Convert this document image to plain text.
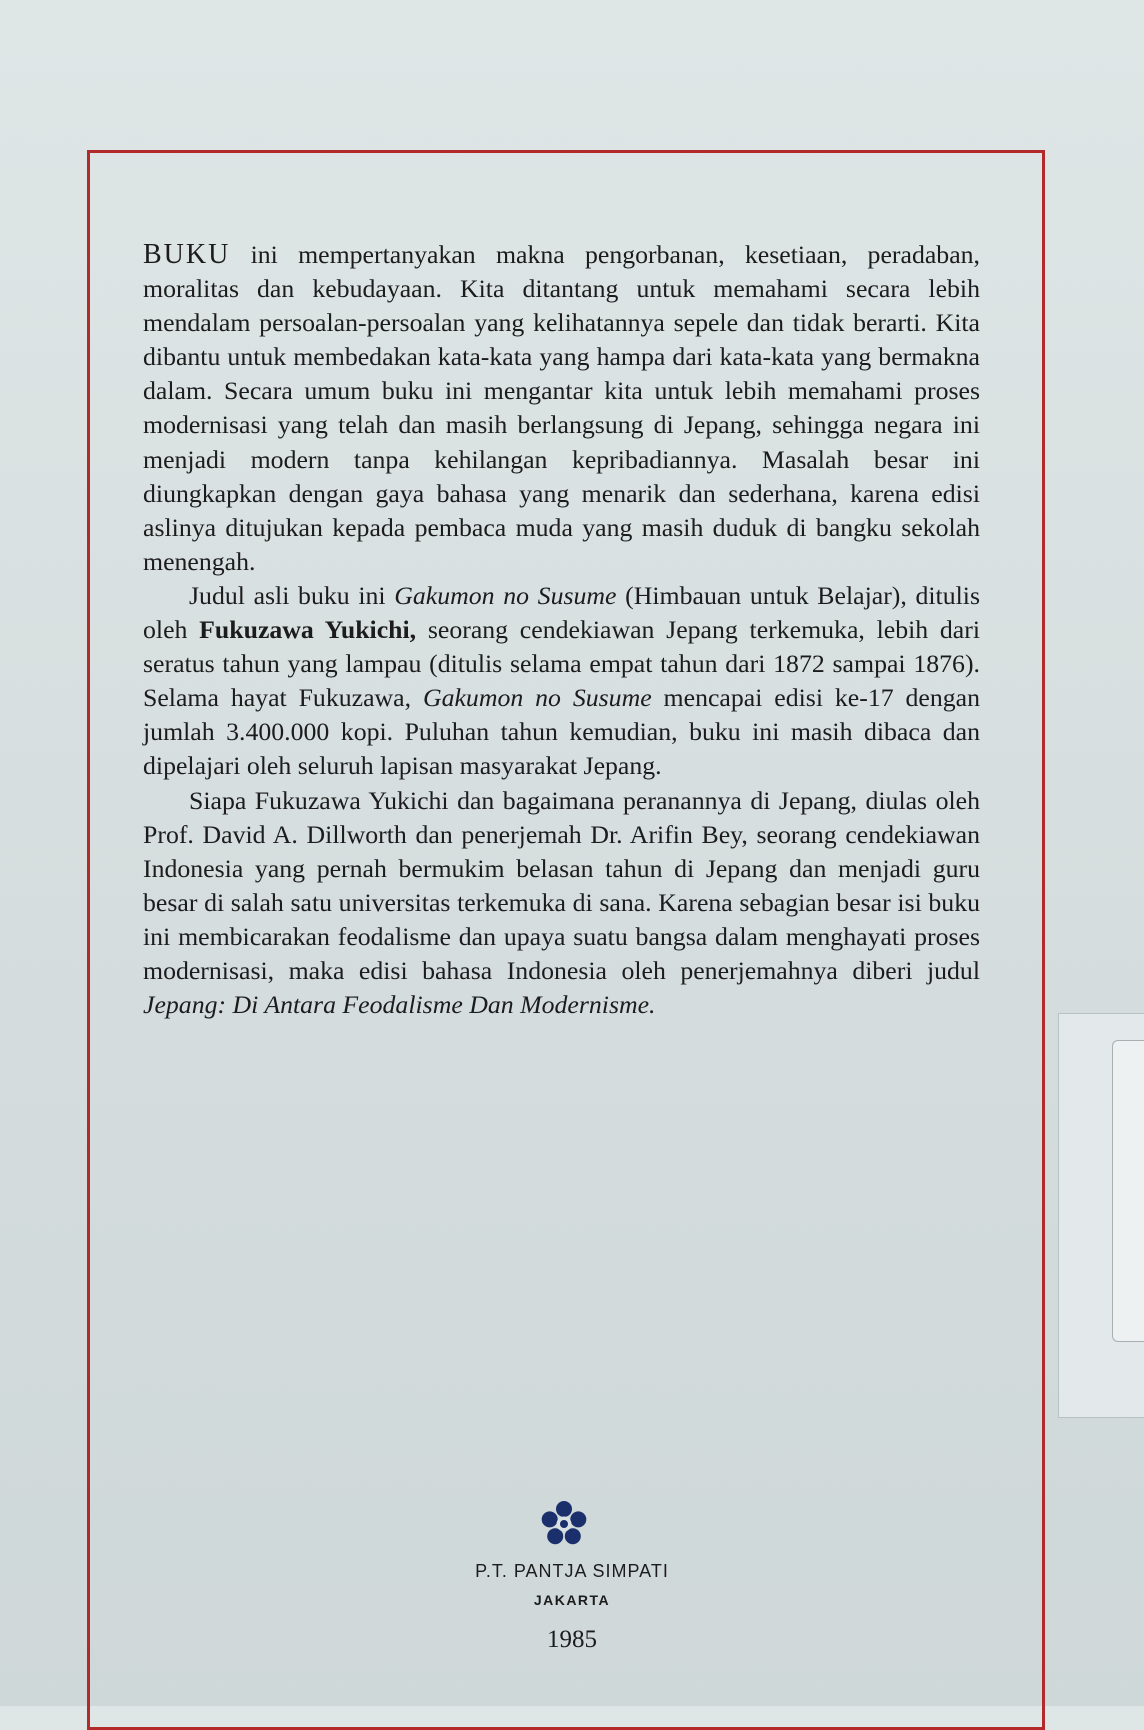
BUKU ini mempertanyakan makna pengorbanan, kesetiaan, peradaban, moralitas dan kebudayaan. Kita ditantang untuk memahami secara lebih mendalam persoalan-persoalan yang kelihatannya sepele dan tidak berarti. Kita dibantu untuk membedakan kata-kata yang hampa dari kata-kata yang bermakna dalam. Secara umum buku ini mengantar kita untuk lebih memahami proses modernisasi yang telah dan masih berlangsung di Jepang, sehingga negara ini menjadi modern tanpa kehilangan kepribadiannya. Masalah besar ini diungkapkan dengan gaya bahasa yang menarik dan sederhana, karena edisi aslinya ditujukan kepada pembaca muda yang masih duduk di bangku sekolah menengah.

Judul asli buku ini Gakumon no Susume (Himbauan untuk Belajar), ditulis oleh Fukuzawa Yukichi, seorang cendekiawan Jepang terkemuka, lebih dari seratus tahun yang lampau (ditulis selama empat tahun dari 1872 sampai 1876). Selama hayat Fukuzawa, Gakumon no Susume mencapai edisi ke-17 dengan jumlah 3.400.000 kopi. Puluhan tahun kemudian, buku ini masih dibaca dan dipelajari oleh seluruh lapisan masyarakat Jepang.

Siapa Fukuzawa Yukichi dan bagaimana peranannya di Jepang, diulas oleh Prof. David A. Dillworth dan penerjemah Dr. Arifin Bey, seorang cendekiawan Indonesia yang pernah bermukim belasan tahun di Jepang dan menjadi guru besar di salah satu universitas terkemuka di sana. Karena sebagian besar isi buku ini membicarakan feodalisme dan upaya suatu bangsa dalam menghayati proses modernisasi, maka edisi bahasa Indonesia oleh penerjemahnya diberi judul Jepang: Di Antara Feodalisme Dan Modernisme.

P.T. PANTJA SIMPATI
JAKARTA
1985
